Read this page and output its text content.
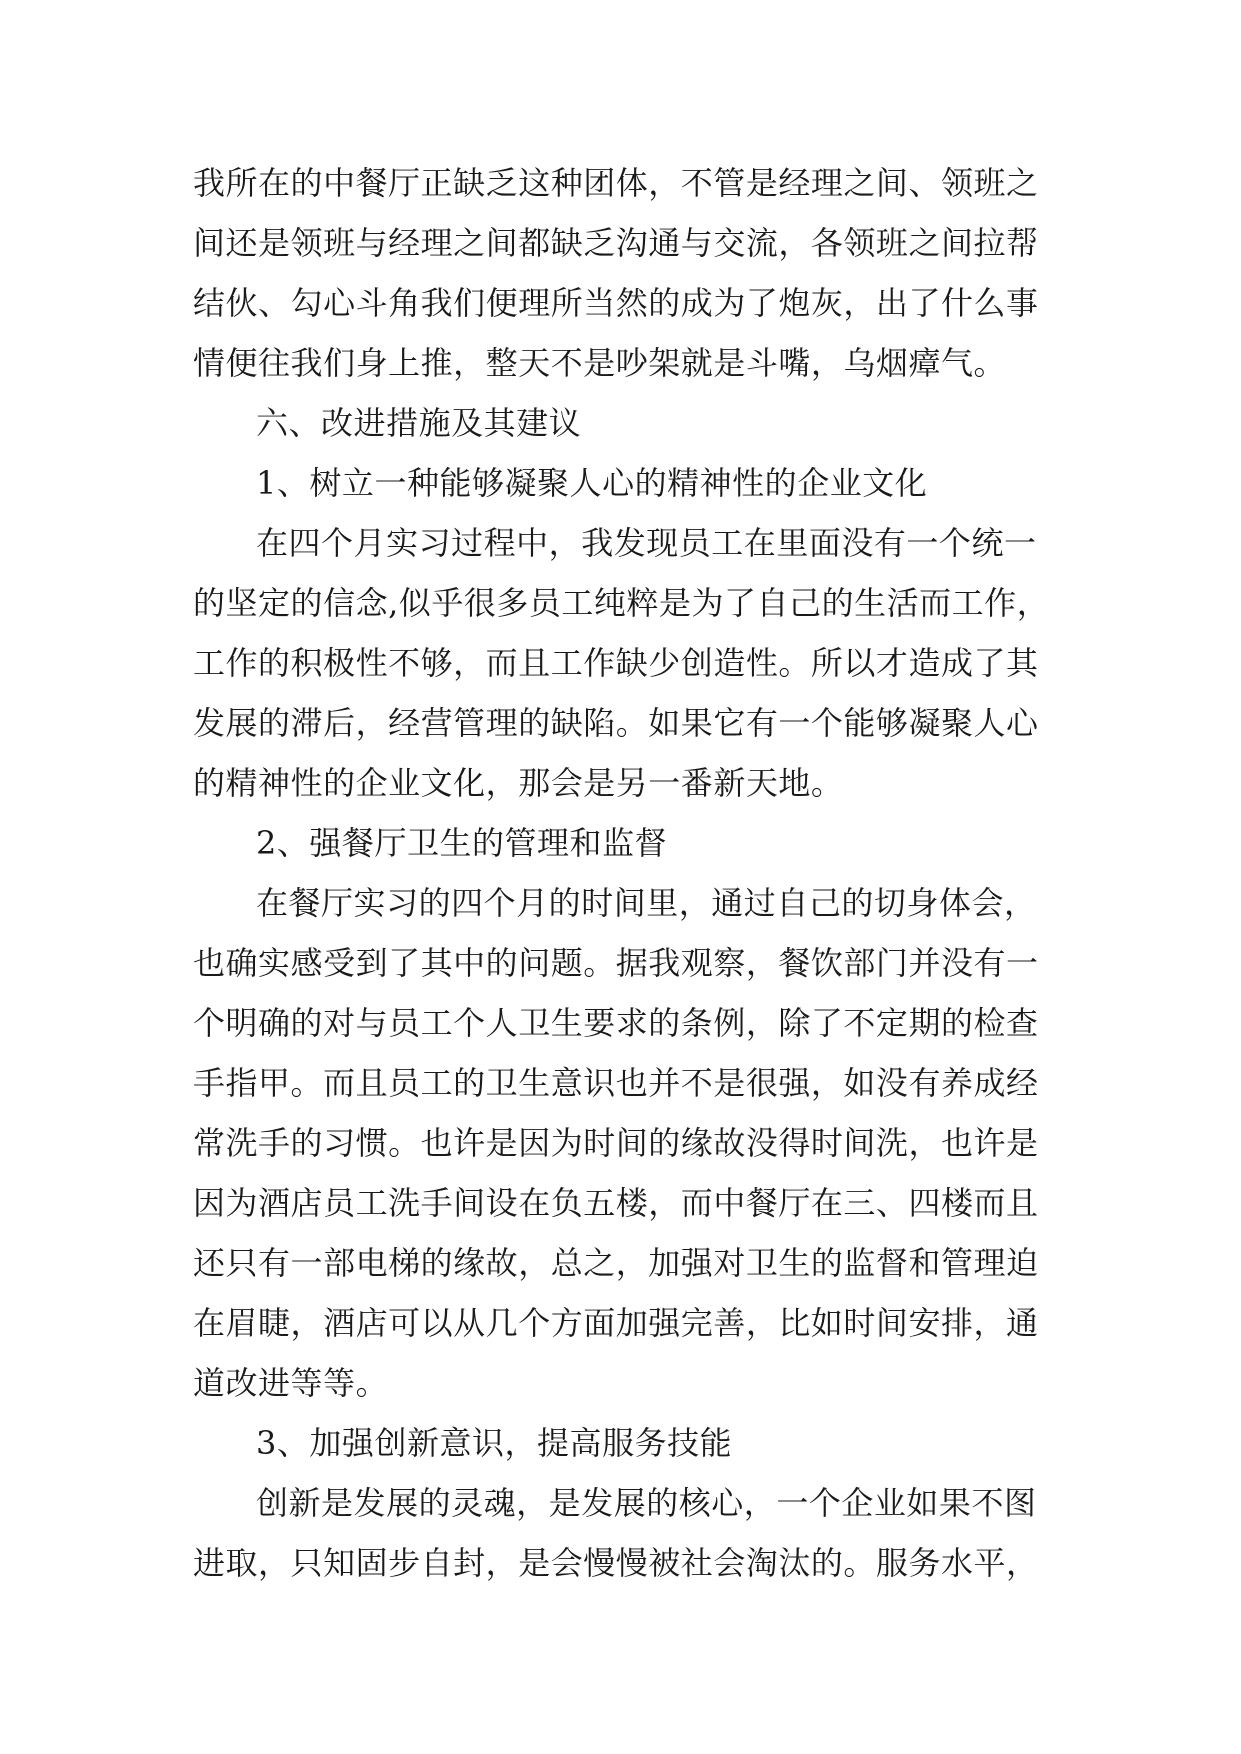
我所在的中餐厅正缺乏这种团体，不管是经理之间、领班之
间还是领班与经理之间都缺乏沟通与交流，各领班之间拉帮
结伙、勾心斗角我们便理所当然的成为了炮灰，出了什么事
情便往我们身上推，整天不是吵架就是斗嘴，乌烟瘴气。
六、改进措施及其建议
1、树立一种能够凝聚人心的精神性的企业文化
在四个月实习过程中，我发现员工在里面没有一个统一
的坚定的信念,似乎很多员工纯粹是为了自己的生活而工作，
工作的积极性不够，而且工作缺少创造性。所以才造成了其
发展的滞后，经营管理的缺陷。如果它有一个能够凝聚人心
的精神性的企业文化，那会是另一番新天地。
2、强餐厅卫生的管理和监督
在餐厅实习的四个月的时间里，通过自己的切身体会，
也确实感受到了其中的问题。据我观察，餐饮部门并没有一
个明确的对与员工个人卫生要求的条例，除了不定期的检查
手指甲。而且员工的卫生意识也并不是很强，如没有养成经
常洗手的习惯。也许是因为时间的缘故没得时间洗，也许是
因为酒店员工洗手间设在负五楼，而中餐厅在三、四楼而且
还只有一部电梯的缘故，总之，加强对卫生的监督和管理迫
在眉睫，酒店可以从几个方面加强完善，比如时间安排，通
道改进等等。
3、加强创新意识，提高服务技能
创新是发展的灵魂，是发展的核心，一个企业如果不图
进取，只知固步自封，是会慢慢被社会淘汰的。服务水平，
